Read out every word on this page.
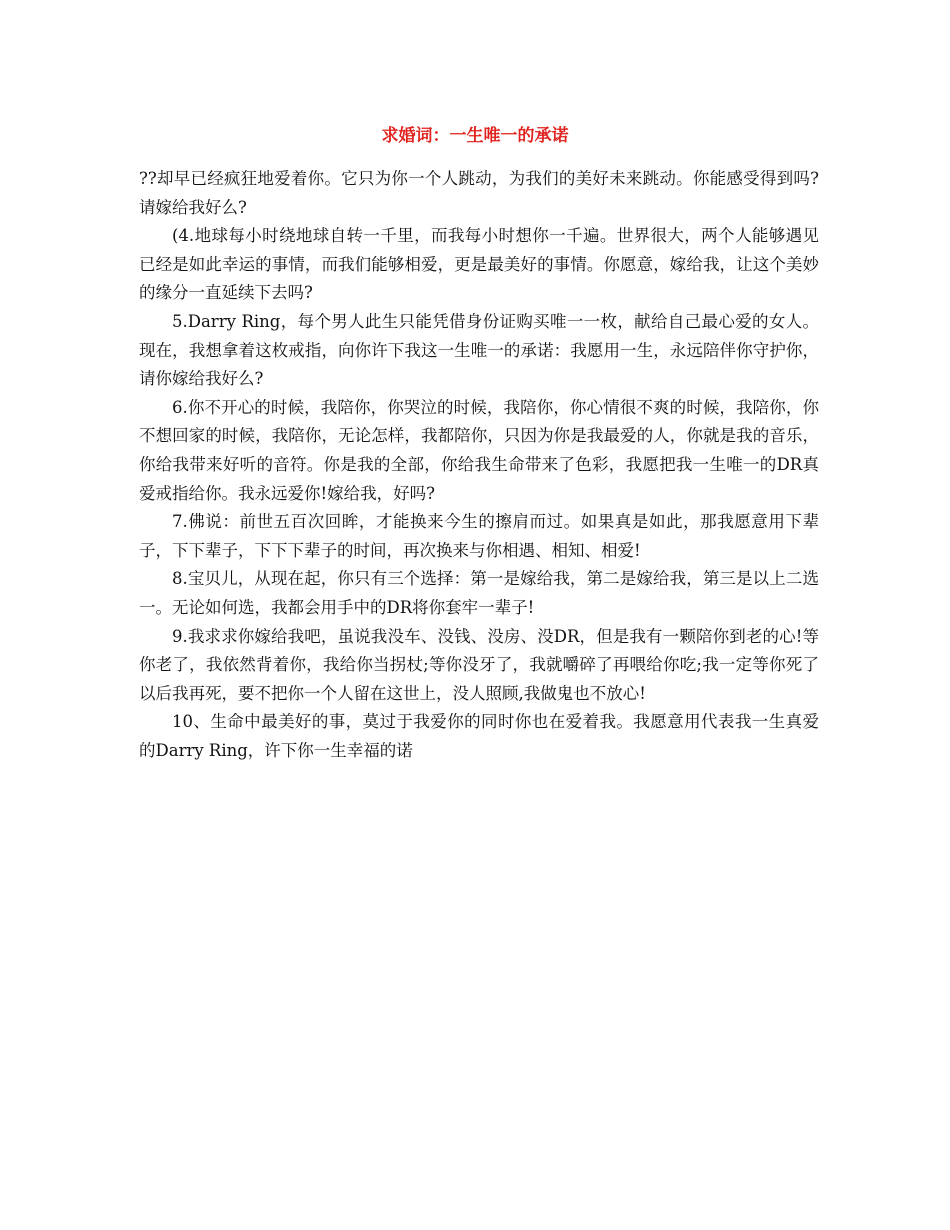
求婚词：一生唯一的承诺

??却早已经疯狂地爱着你。它只为你一个人跳动，为我们的美好未来跳动。你能感受得到吗?请嫁给我好么?

(4.地球每小时绕地球自转一千里，而我每小时想你一千遍。世界很大，两个人能够遇见已经是如此幸运的事情，而我们能够相爱，更是最美好的事情。你愿意，嫁给我，让这个美妙的缘分一直延续下去吗?

5.Darry Ring，每个男人此生只能凭借身份证购买唯一一枚，献给自己最心爱的女人。现在，我想拿着这枚戒指，向你许下我这一生唯一的承诺：我愿用一生，永远陪伴你守护你，请你嫁给我好么?

6.你不开心的时候，我陪你，你哭泣的时候，我陪你，你心情很不爽的时候，我陪你，你不想回家的时候，我陪你，无论怎样，我都陪你，只因为你是我最爱的人，你就是我的音乐，你给我带来好听的音符。你是我的全部，你给我生命带来了色彩，我愿把我一生唯一的DR真爱戒指给你。我永远爱你!嫁给我，好吗?

7.佛说：前世五百次回眸，才能换来今生的擦肩而过。如果真是如此，那我愿意用下辈子，下下辈子，下下下辈子的时间，再次换来与你相遇、相知、相爱!

8.宝贝儿，从现在起，你只有三个选择：第一是嫁给我，第二是嫁给我，第三是以上二选一。无论如何选，我都会用手中的DR将你套牢一辈子!

9.我求求你嫁给我吧，虽说我没车、没钱、没房、没DR，但是我有一颗陪你到老的心!等你老了，我依然背着你，我给你当拐杖;等你没牙了，我就嚼碎了再喂给你吃;我一定等你死了以后我再死，要不把你一个人留在这世上，没人照顾,我做鬼也不放心!

10、生命中最美好的事，莫过于我爱你的同时你也在爱着我。我愿意用代表我一生真爱的Darry Ring，许下你一生幸福的诺
